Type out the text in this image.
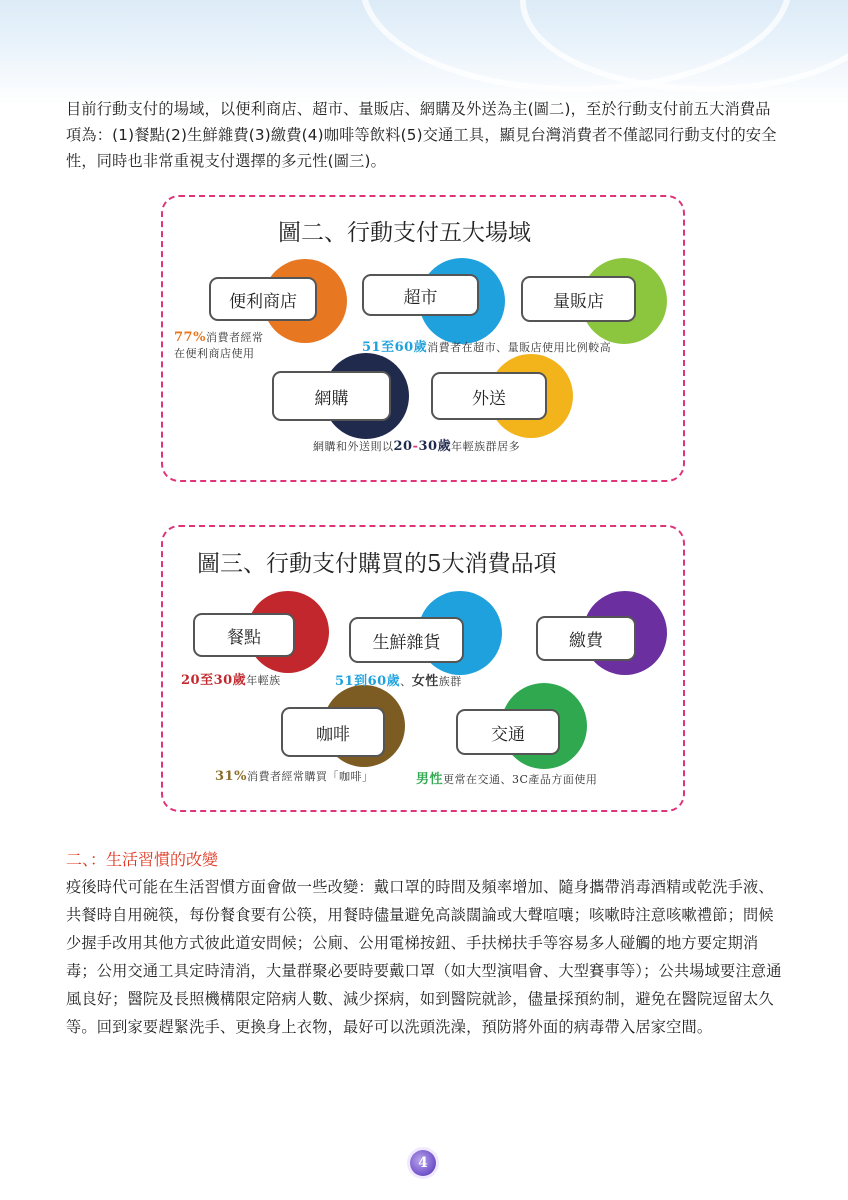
目前行動支付的場域，以便利商店、超市、量販店、網購及外送為主(圖二)，至於行動支付前五大消費品項為：(1)餐點(2)生鮮雜費(3)繳費(4)咖啡等飲料(5)交通工具，顯見台灣消費者不僅認同行動支付的安全性，同時也非常重視支付選擇的多元性(圖三)。

圖二、行動支付五大場域
便利商店	超市	量販店
網購	外送
77%消費者經常
在便利商店使用	51至60歲消費者在超市、量販店使用比例較高
網購和外送則以20-30歲年輕族群居多
圖三、行動支付購買的5大消費品項
餐點	生鮮雜貨	繳費
咖啡	交通
20至30歲年輕族	51到60歲、女性族群
31%消費者經常購買「咖啡」	男性更常在交通、3C產品方面使用
二、：生活習慣的改變

疫後時代可能在生活習慣方面會做一些改變：戴口罩的時間及頻率增加、隨身攜帶消毒酒精或乾洗手液、共餐時自用碗筷，每份餐食要有公筷，用餐時儘量避免高談闊論或大聲喧嚷；咳嗽時注意咳嗽禮節；問候少握手改用其他方式彼此道安問候；公廁、公用電梯按鈕、手扶梯扶手等容易多人碰觸的地方要定期消毒；公用交通工具定時清消，大量群聚必要時要戴口罩（如大型演唱會、大型賽事等）；公共場域要注意通風良好；醫院及長照機構限定陪病人數、減少探病，如到醫院就診，儘量採預約制，避免在醫院逗留太久等。回到家要趕緊洗手、更換身上衣物，最好可以洗頭洗澡，預防將外面的病毒帶入居家空間。

4
